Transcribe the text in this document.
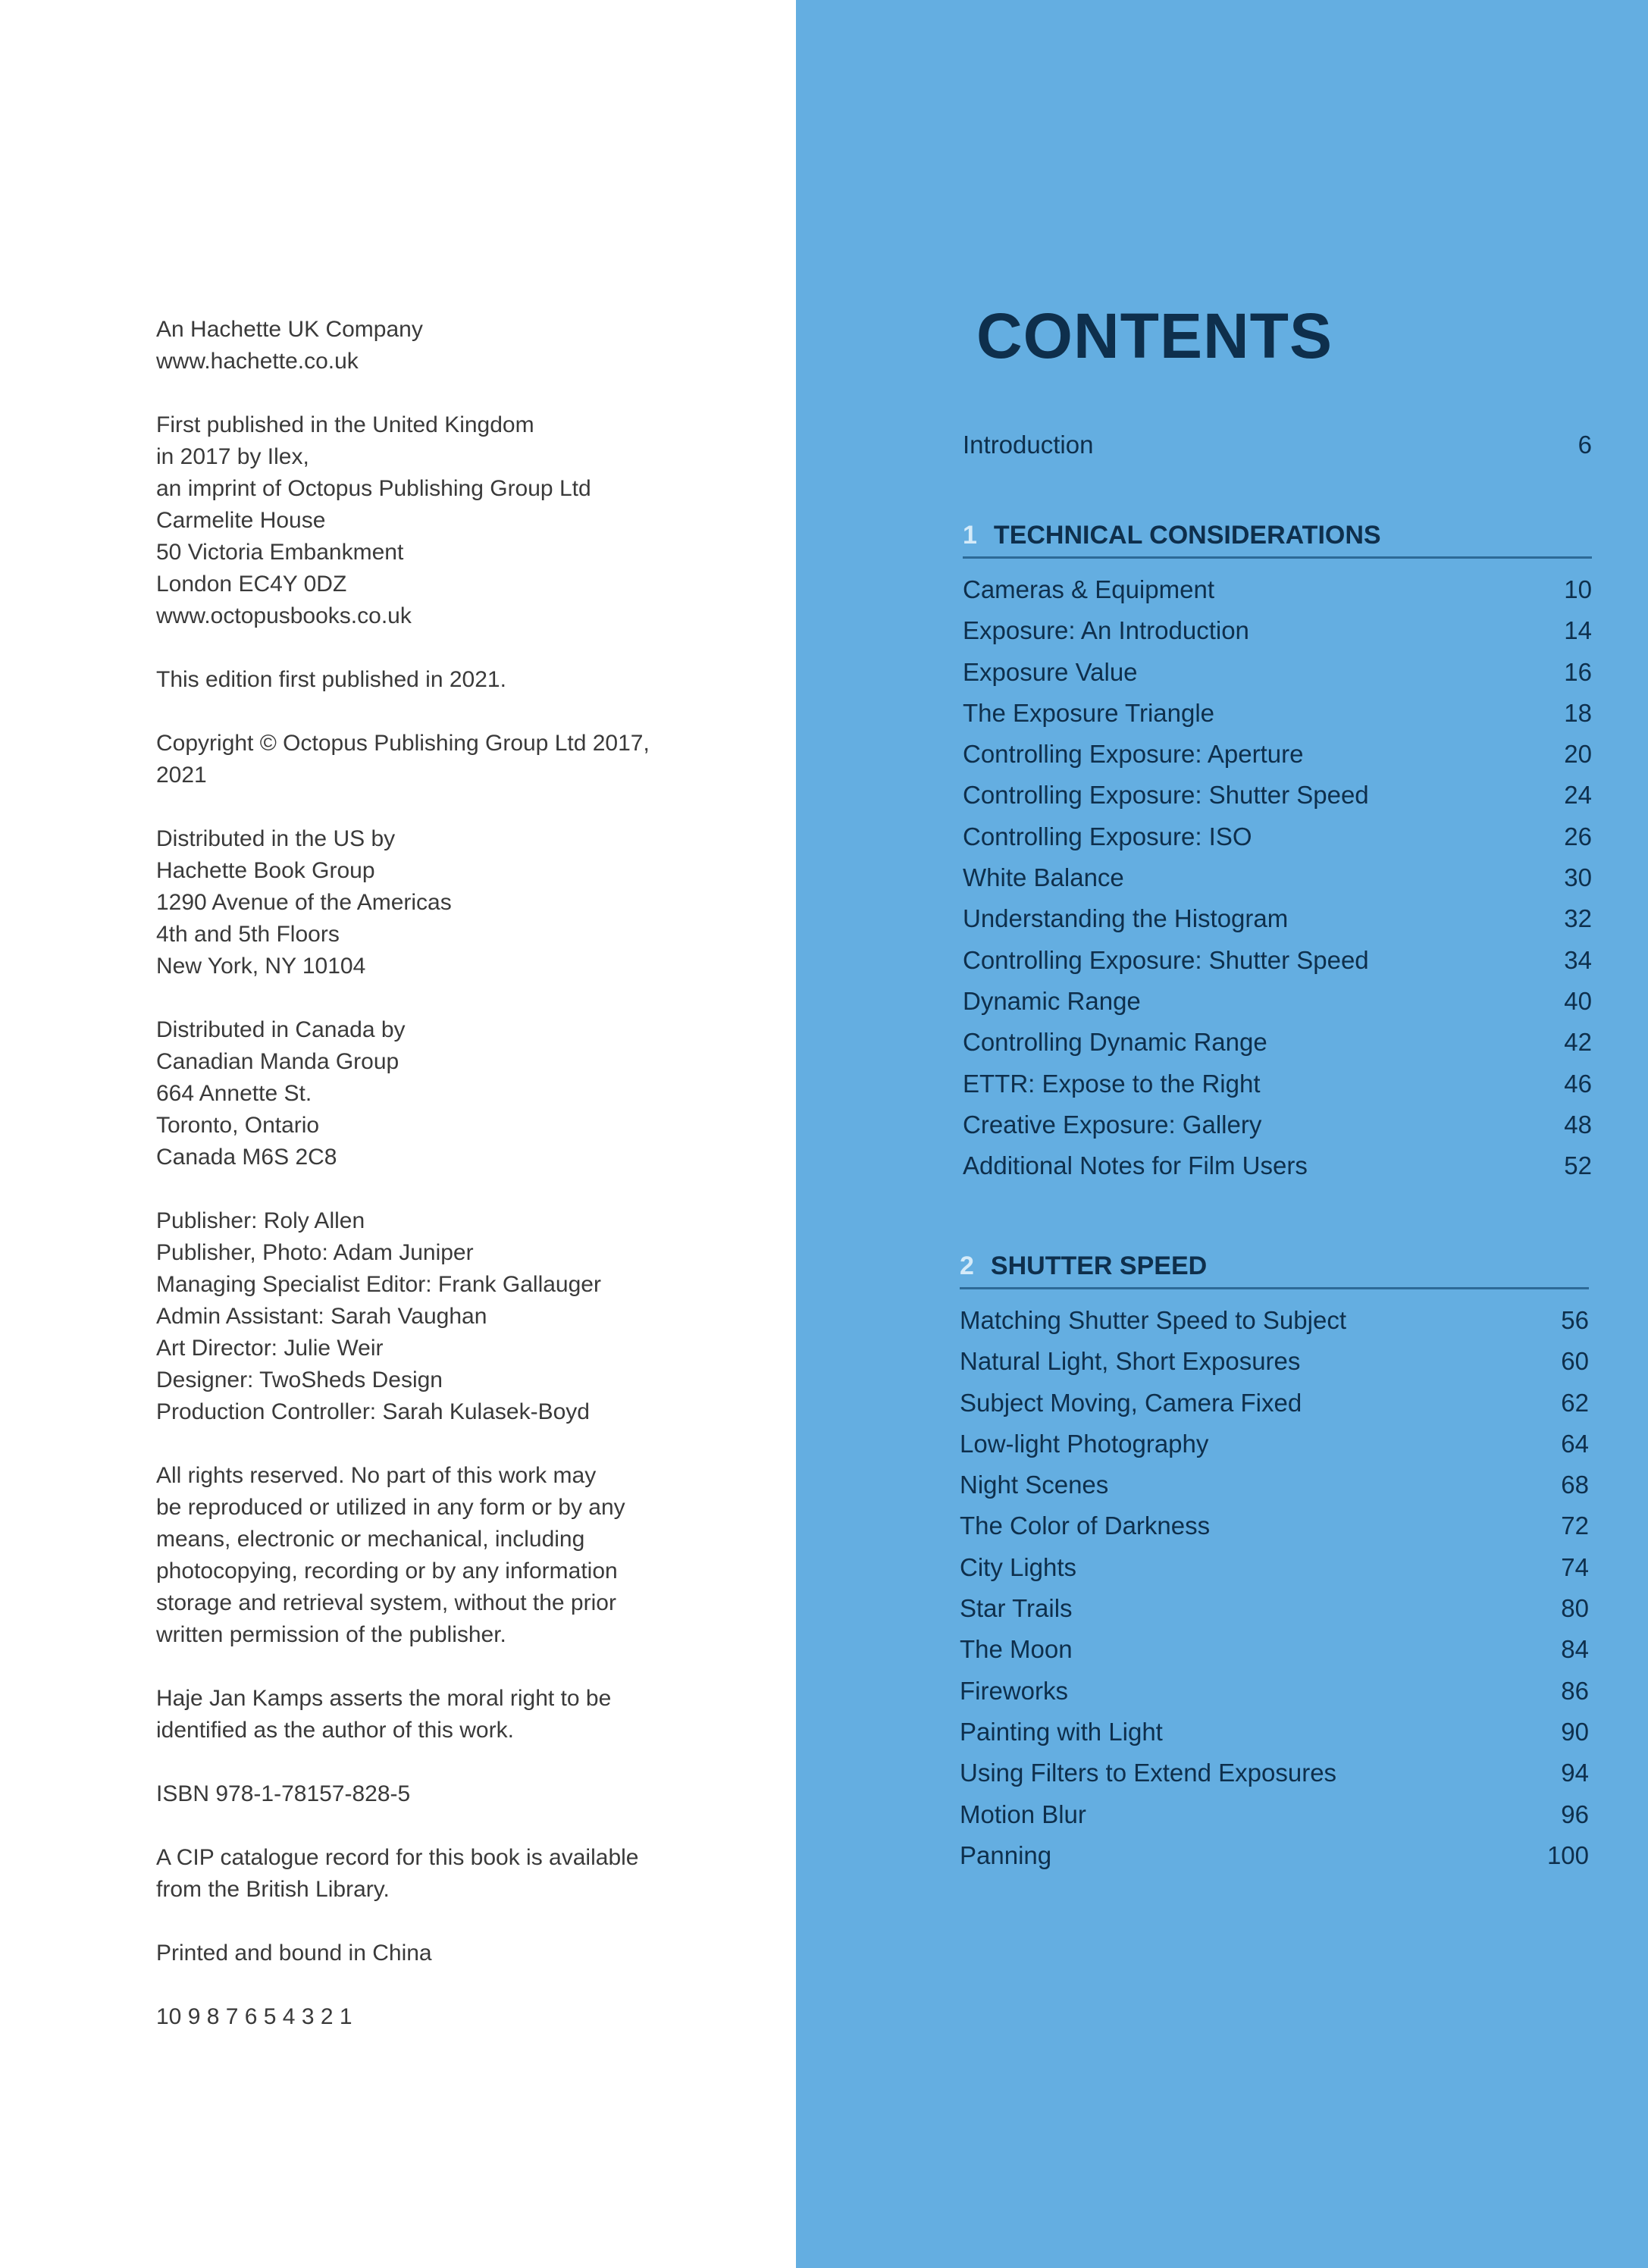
An Hachette UK Company
www.hachette.co.uk

First published in the United Kingdom
in 2017 by Ilex,
an imprint of Octopus Publishing Group Ltd
Carmelite House
50 Victoria Embankment
London EC4Y 0DZ
www.octopusbooks.co.uk

This edition first published in 2021.

Copyright © Octopus Publishing Group Ltd 2017,
2021

Distributed in the US by
Hachette Book Group
1290 Avenue of the Americas
4th and 5th Floors
New York, NY 10104

Distributed in Canada by
Canadian Manda Group
664 Annette St.
Toronto, Ontario
Canada M6S 2C8

Publisher: Roly Allen
Publisher, Photo: Adam Juniper
Managing Specialist Editor: Frank Gallauger
Admin Assistant: Sarah Vaughan
Art Director: Julie Weir
Designer: TwoSheds Design
Production Controller: Sarah Kulasek-Boyd

All rights reserved. No part of this work may
be reproduced or utilized in any form or by any
means, electronic or mechanical, including
photocopying, recording or by any information
storage and retrieval system, without the prior
written permission of the publisher.

Haje Jan Kamps asserts the moral right to be
identified as the author of this work.

ISBN 978-1-78157-828-5

A CIP catalogue record for this book is available
from the British Library.

Printed and bound in China

10 9 8 7 6 5 4 3 2 1

CONTENTS
Introduction	6
1 TECHNICAL CONSIDERATIONS
Cameras & Equipment	10
Exposure: An Introduction	14
Exposure Value	16
The Exposure Triangle	18
Controlling Exposure: Aperture	20
Controlling Exposure: Shutter Speed	24
Controlling Exposure: ISO	26
White Balance	30
Understanding the Histogram	32
Controlling Exposure: Shutter Speed	34
Dynamic Range	40
Controlling Dynamic Range	42
ETTR: Expose to the Right	46
Creative Exposure: Gallery	48
Additional Notes for Film Users	52
2 SHUTTER SPEED
Matching Shutter Speed to Subject	56
Natural Light, Short Exposures	60
Subject Moving, Camera Fixed	62
Low-light Photography	64
Night Scenes	68
The Color of Darkness	72
City Lights	74
Star Trails	80
The Moon	84
Fireworks	86
Painting with Light	90
Using Filters to Extend Exposures	94
Motion Blur	96
Panning	100
